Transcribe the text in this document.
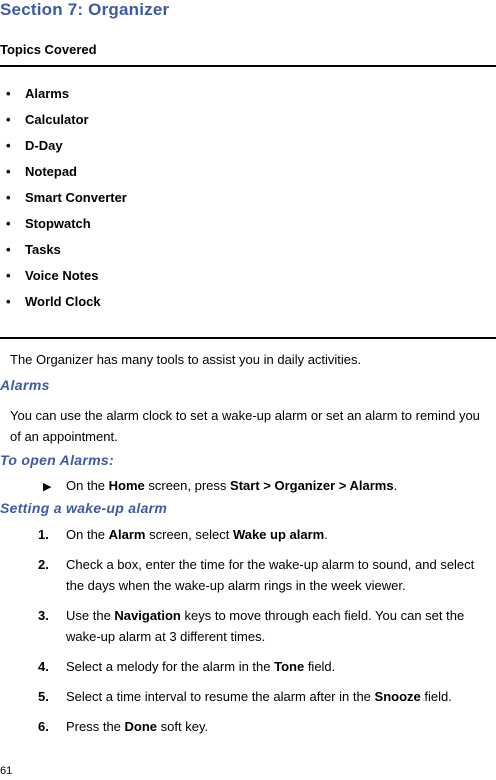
Section 7: Organizer
Topics Covered
• Alarms
• Calculator
• D-Day
• Notepad
• Smart Converter
• Stopwatch
• Tasks
• Voice Notes
• World Clock
The Organizer has many tools to assist you in daily activities.
Alarms
You can use the alarm clock to set a wake-up alarm or set an alarm to remind you of an appointment.
To open Alarms:
▶ On the Home screen, press Start > Organizer > Alarms.
Setting a wake-up alarm
1. On the Alarm screen, select Wake up alarm.
2. Check a box, enter the time for the wake-up alarm to sound, and select the days when the wake-up alarm rings in the week viewer.
3. Use the Navigation keys to move through each field. You can set the wake-up alarm at 3 different times.
4. Select a melody for the alarm in the Tone field.
5. Select a time interval to resume the alarm after in the Snooze field.
6. Press the Done soft key.
61
